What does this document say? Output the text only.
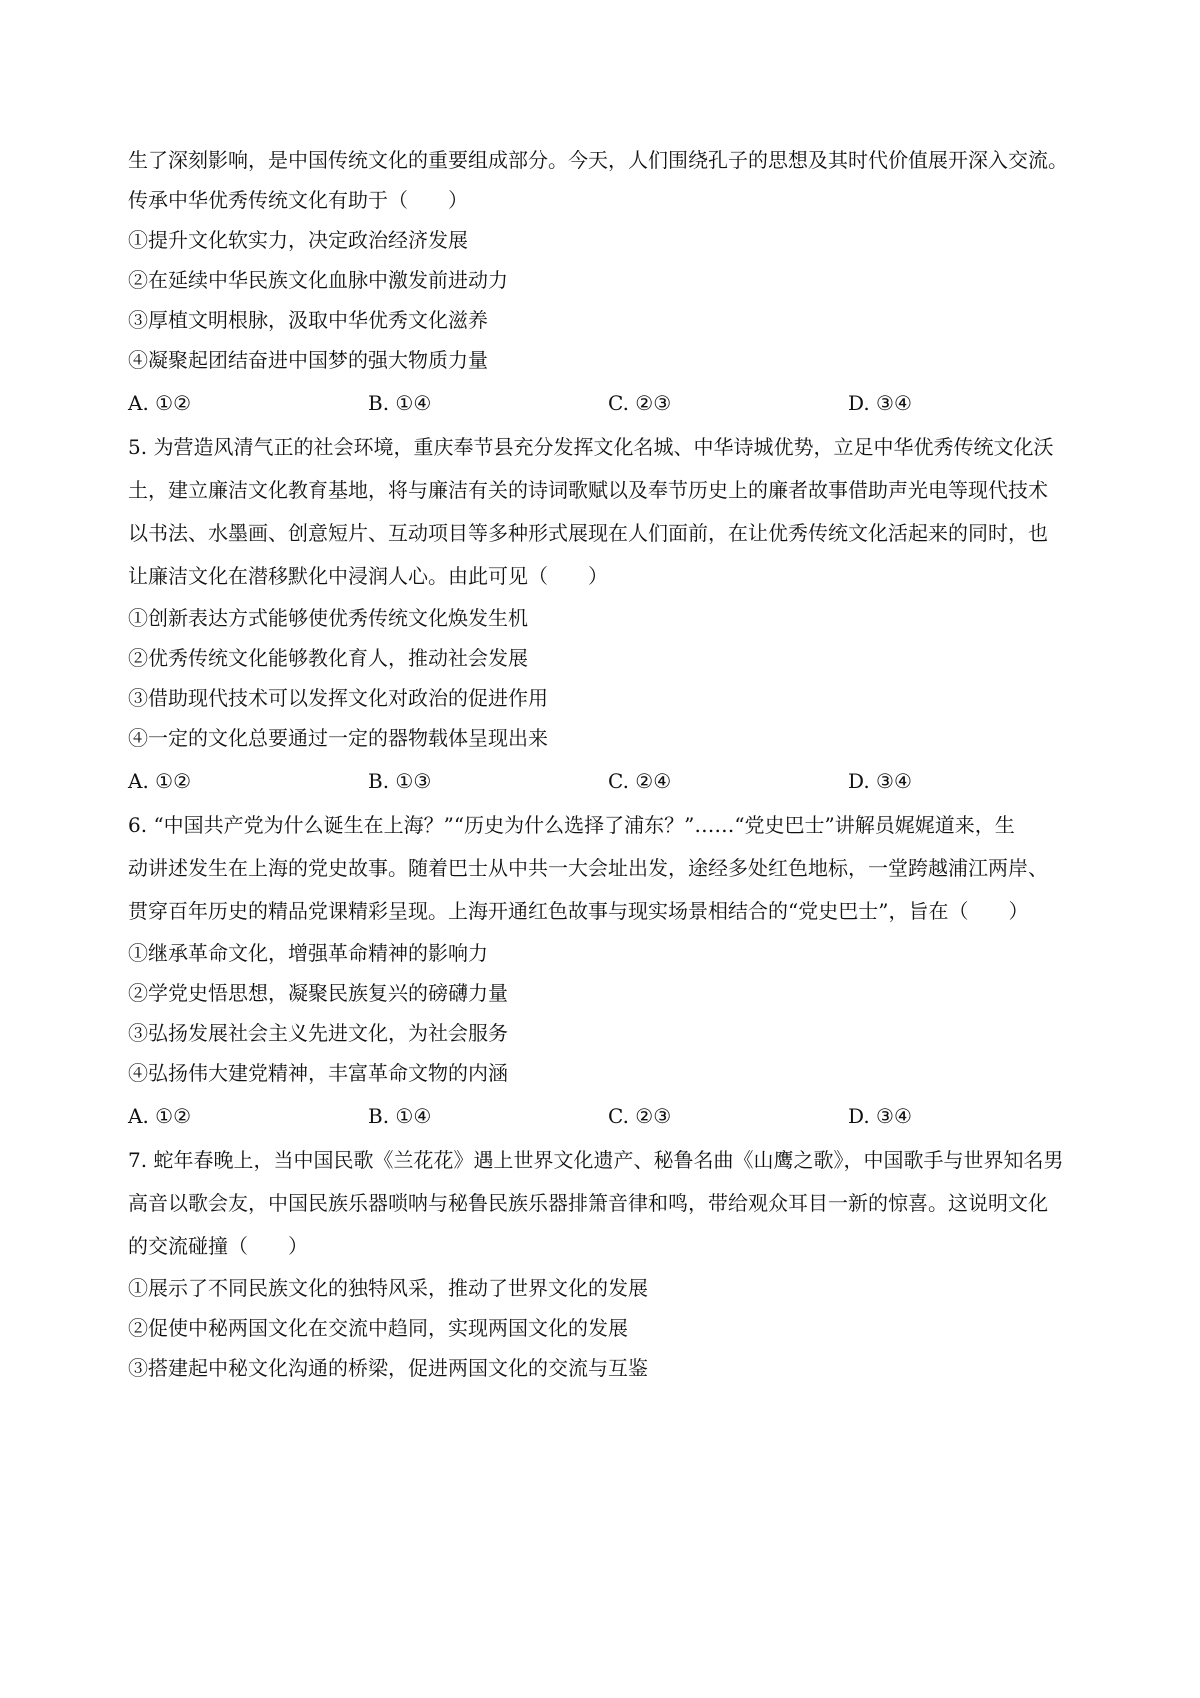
生了深刻影响，是中国传统文化的重要组成部分。今天，人们围绕孔子的思想及其时代价值展开深入交流。
传承中华优秀传统文化有助于（　　）
①提升文化软实力，决定政治经济发展
②在延续中华民族文化血脉中激发前进动力
③厚植文明根脉，汲取中华优秀文化滋养
④凝聚起团结奋进中国梦的强大物质力量
A. ①②	B. ①④	C. ②③	D. ③④
5. 为营造风清气正的社会环境，重庆奉节县充分发挥文化名城、中华诗城优势，立足中华优秀传统文化沃
土，建立廉洁文化教育基地，将与廉洁有关的诗词歌赋以及奉节历史上的廉者故事借助声光电等现代技术
以书法、水墨画、创意短片、互动项目等多种形式展现在人们面前，在让优秀传统文化活起来的同时，也
让廉洁文化在潜移默化中浸润人心。由此可见（　　）
①创新表达方式能够使优秀传统文化焕发生机
②优秀传统文化能够教化育人，推动社会发展
③借助现代技术可以发挥文化对政治的促进作用
④一定的文化总要通过一定的器物载体呈现出来
A. ①②	B. ①③	C. ②④	D. ③④
6. “中国共产党为什么诞生在上海？”“历史为什么选择了浦东？”……“党史巴士”讲解员娓娓道来，生
动讲述发生在上海的党史故事。随着巴士从中共一大会址出发，途经多处红色地标，一堂跨越浦江两岸、
贯穿百年历史的精品党课精彩呈现。上海开通红色故事与现实场景相结合的“党史巴士”，旨在（　　）
①继承革命文化，增强革命精神的影响力
②学党史悟思想，凝聚民族复兴的磅礴力量
③弘扬发展社会主义先进文化，为社会服务
④弘扬伟大建党精神，丰富革命文物的内涵
A. ①②	B. ①④	C. ②③	D. ③④
7. 蛇年春晚上，当中国民歌《兰花花》遇上世界文化遗产、秘鲁名曲《山鹰之歌》，中国歌手与世界知名男
高音以歌会友，中国民族乐器唢呐与秘鲁民族乐器排箫音律和鸣，带给观众耳目一新的惊喜。这说明文化
的交流碰撞（　　）
①展示了不同民族文化的独特风采，推动了世界文化的发展
②促使中秘两国文化在交流中趋同，实现两国文化的发展
③搭建起中秘文化沟通的桥梁，促进两国文化的交流与互鉴
